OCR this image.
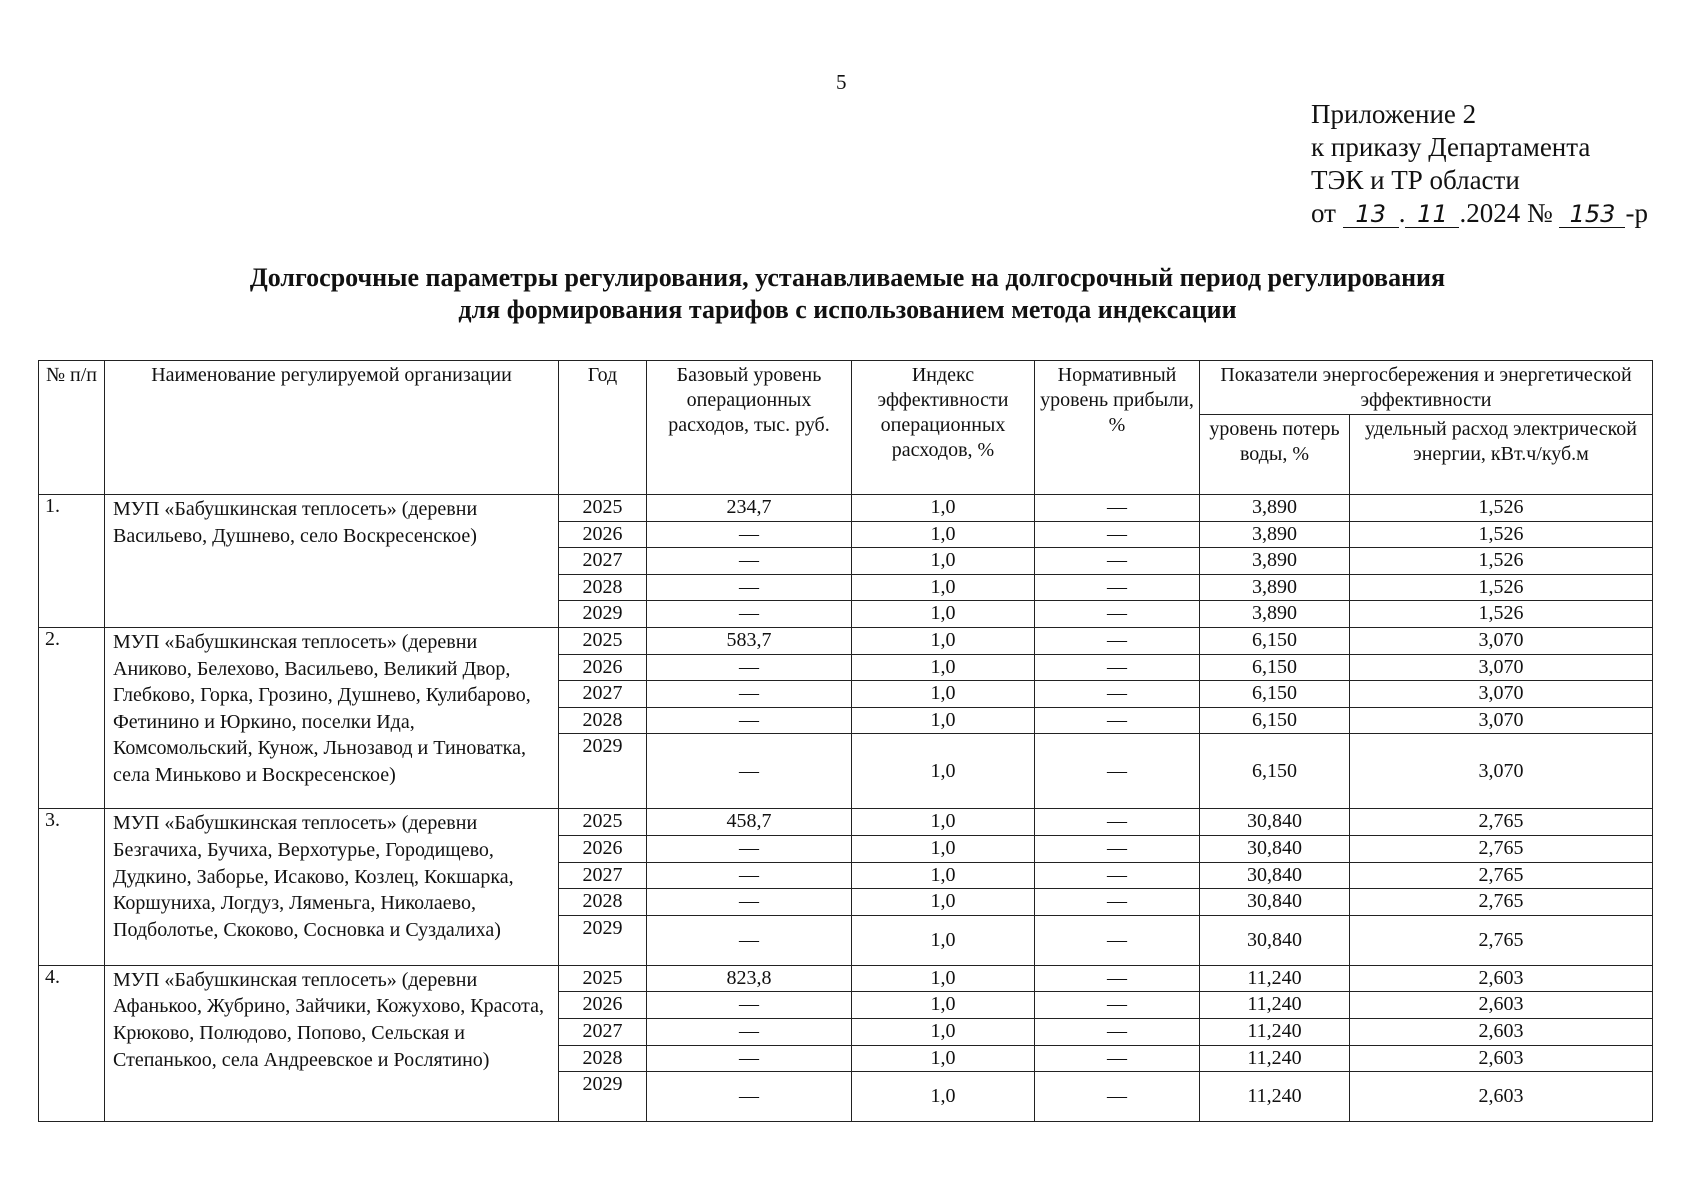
5
Приложение 2
к приказу Департамента
ТЭК и ТР области
от 13 . 11 .2024 № 153 -р
Долгосрочные параметры регулирования, устанавливаемые на долгосрочный период регулирования
для формирования тарифов с использованием метода индексации
№ п/п	Наименование регулируемой организации	Год	Базовый уровень операционных расходов, тыс. руб.	Индекс эффективности операционных расходов, %	Нормативный уровень прибыли, %	Показатели энергосбережения и энергетической эффективности	
						уровень потерь воды, %	удельный расход электрической энергии, кВт.ч/куб.м
1.	МУП «Бабушкинская теплосеть» (деревни Васильево, Душнево, село Воскресенское)	2025	234,7	1,0	—	3,890	1,526
		2026	—	1,0	—	3,890	1,526
		2027	—	1,0	—	3,890	1,526
		2028	—	1,0	—	3,890	1,526
		2029	—	1,0	—	3,890	1,526
2.	МУП «Бабушкинская теплосеть» (деревни Аниково, Белехово, Васильево, Великий Двор, Глебково, Горка, Грозино, Душнево, Кулибарово, Фетинино и Юркино, поселки Ида, Комсомольский, Кунож, Льнозавод и Тиноватка, села Миньково и Воскресенское)	2025	583,7	1,0	—	6,150	3,070
		2026	—	1,0	—	6,150	3,070
		2027	—	1,0	—	6,150	3,070
		2028	—	1,0	—	6,150	3,070
		2029	—	1,0	—	6,150	3,070
3.	МУП «Бабушкинская теплосеть» (деревни Безгачиха, Бучиха, Верхотурье, Городищево, Дудкино, Заборье, Исаково, Козлец, Кокшарка, Коршуниха, Логдуз, Ляменьга, Николаево, Подболотье, Скоково, Сосновка и Суздалиха)	2025	458,7	1,0	—	30,840	2,765
		2026	—	1,0	—	30,840	2,765
		2027	—	1,0	—	30,840	2,765
		2028	—	1,0	—	30,840	2,765
		2029	—	1,0	—	30,840	2,765
4.	МУП «Бабушкинская теплосеть» (деревни Афанькоо, Жубрино, Зайчики, Кожухово, Красота, Крюково, Полюдово, Попово, Сельская и Степанькоо, села Андреевское и Рослятино)	2025	823,8	1,0	—	11,240	2,603
		2026	—	1,0	—	11,240	2,603
		2027	—	1,0	—	11,240	2,603
		2028	—	1,0	—	11,240	2,603
		2029	—	1,0	—	11,240	2,603
